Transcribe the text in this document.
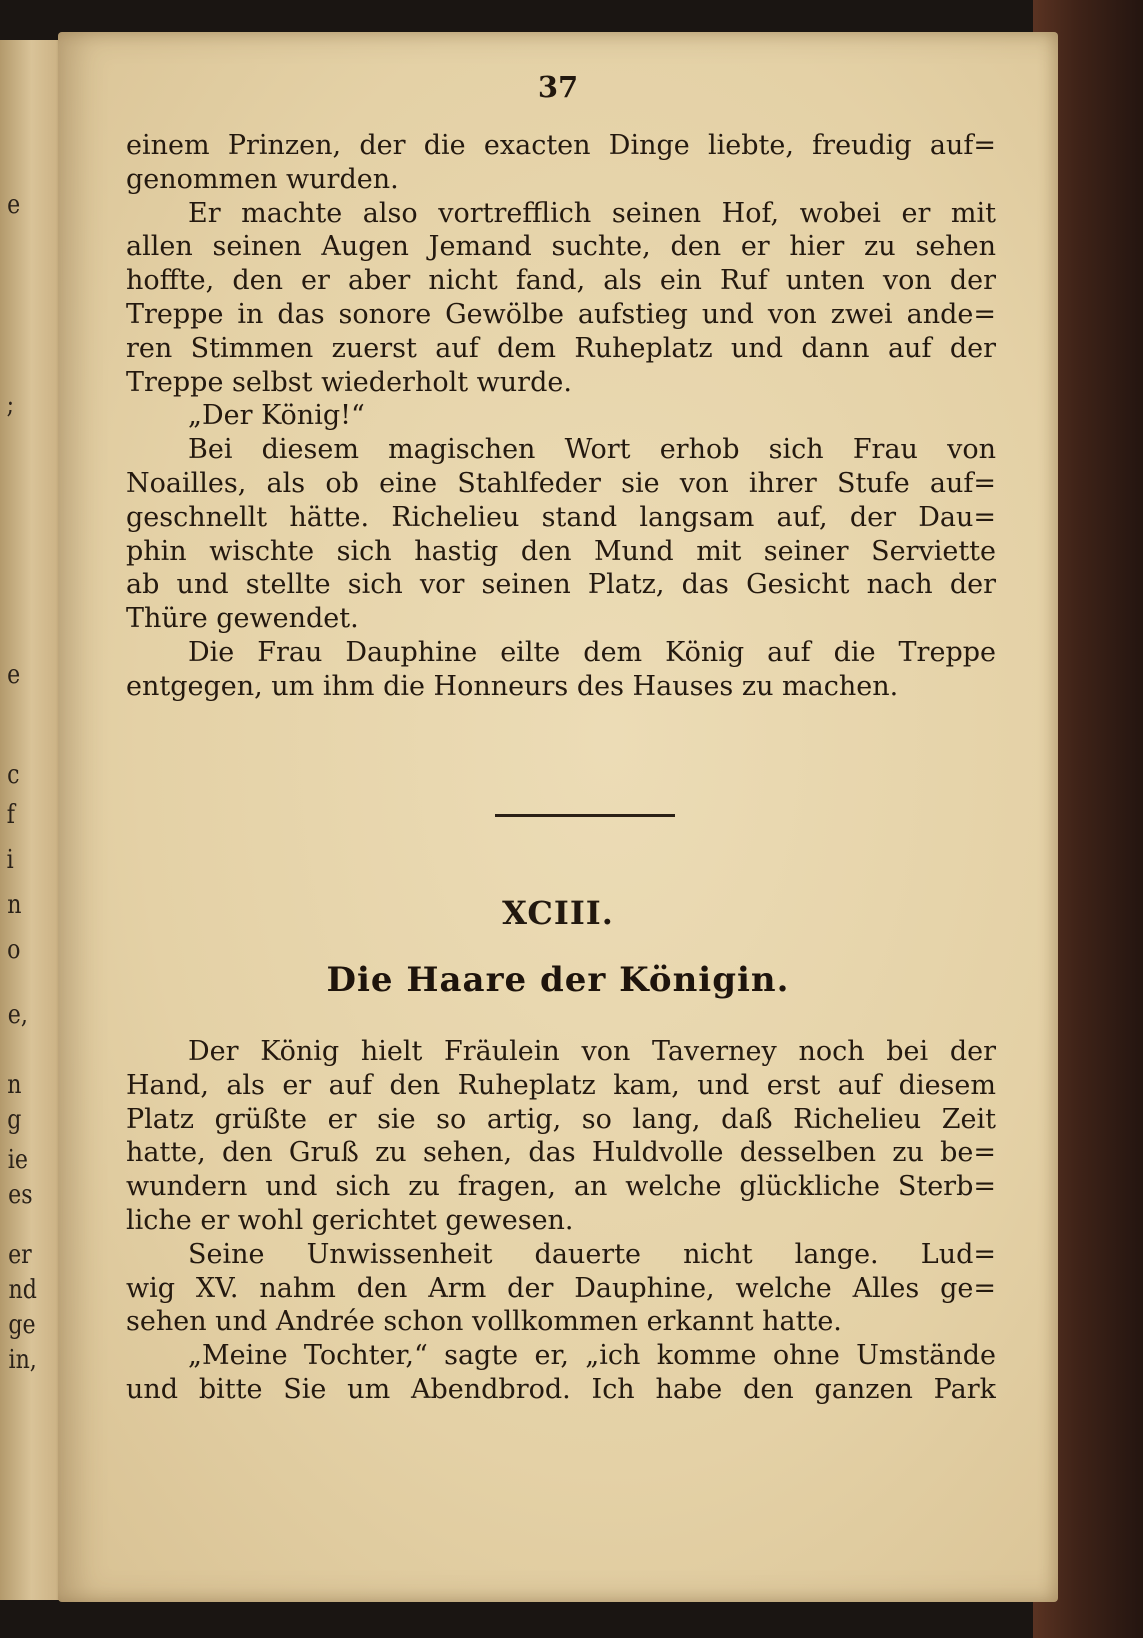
e
;
e
c
f
i
n
o
e,
n
g
ie
es
er
nd
ge
in,
37
einem Prinzen, der die exacten Dinge liebte, freudig auf=
genommen wurden.
Er machte also vortrefflich seinen Hof, wobei er mit
allen seinen Augen Jemand suchte, den er hier zu sehen
hoffte, den er aber nicht fand, als ein Ruf unten von der
Treppe in das sonore Gewölbe aufstieg und von zwei ande=
ren Stimmen zuerst auf dem Ruheplatz und dann auf der
Treppe selbst wiederholt wurde.
„Der König!“
Bei diesem magischen Wort erhob sich Frau von
Noailles, als ob eine Stahlfeder sie von ihrer Stufe auf=
geschnellt hätte. Richelieu stand langsam auf, der Dau=
phin wischte sich hastig den Mund mit seiner Serviette
ab und stellte sich vor seinen Platz, das Gesicht nach der
Thüre gewendet.
Die Frau Dauphine eilte dem König auf die Treppe
entgegen, um ihm die Honneurs des Hauses zu machen.
XCIII.
Die Haare der Königin.
Der König hielt Fräulein von Taverney noch bei der
Hand, als er auf den Ruheplatz kam, und erst auf diesem
Platz grüßte er sie so artig, so lang, daß Richelieu Zeit
hatte, den Gruß zu sehen, das Huldvolle desselben zu be=
wundern und sich zu fragen, an welche glückliche Sterb=
liche er wohl gerichtet gewesen.
Seine Unwissenheit dauerte nicht lange. Lud=
wig XV. nahm den Arm der Dauphine, welche Alles ge=
sehen und Andrée schon vollkommen erkannt hatte.
„Meine Tochter,“ sagte er, „ich komme ohne Umstände
und bitte Sie um Abendbrod. Ich habe den ganzen Park
